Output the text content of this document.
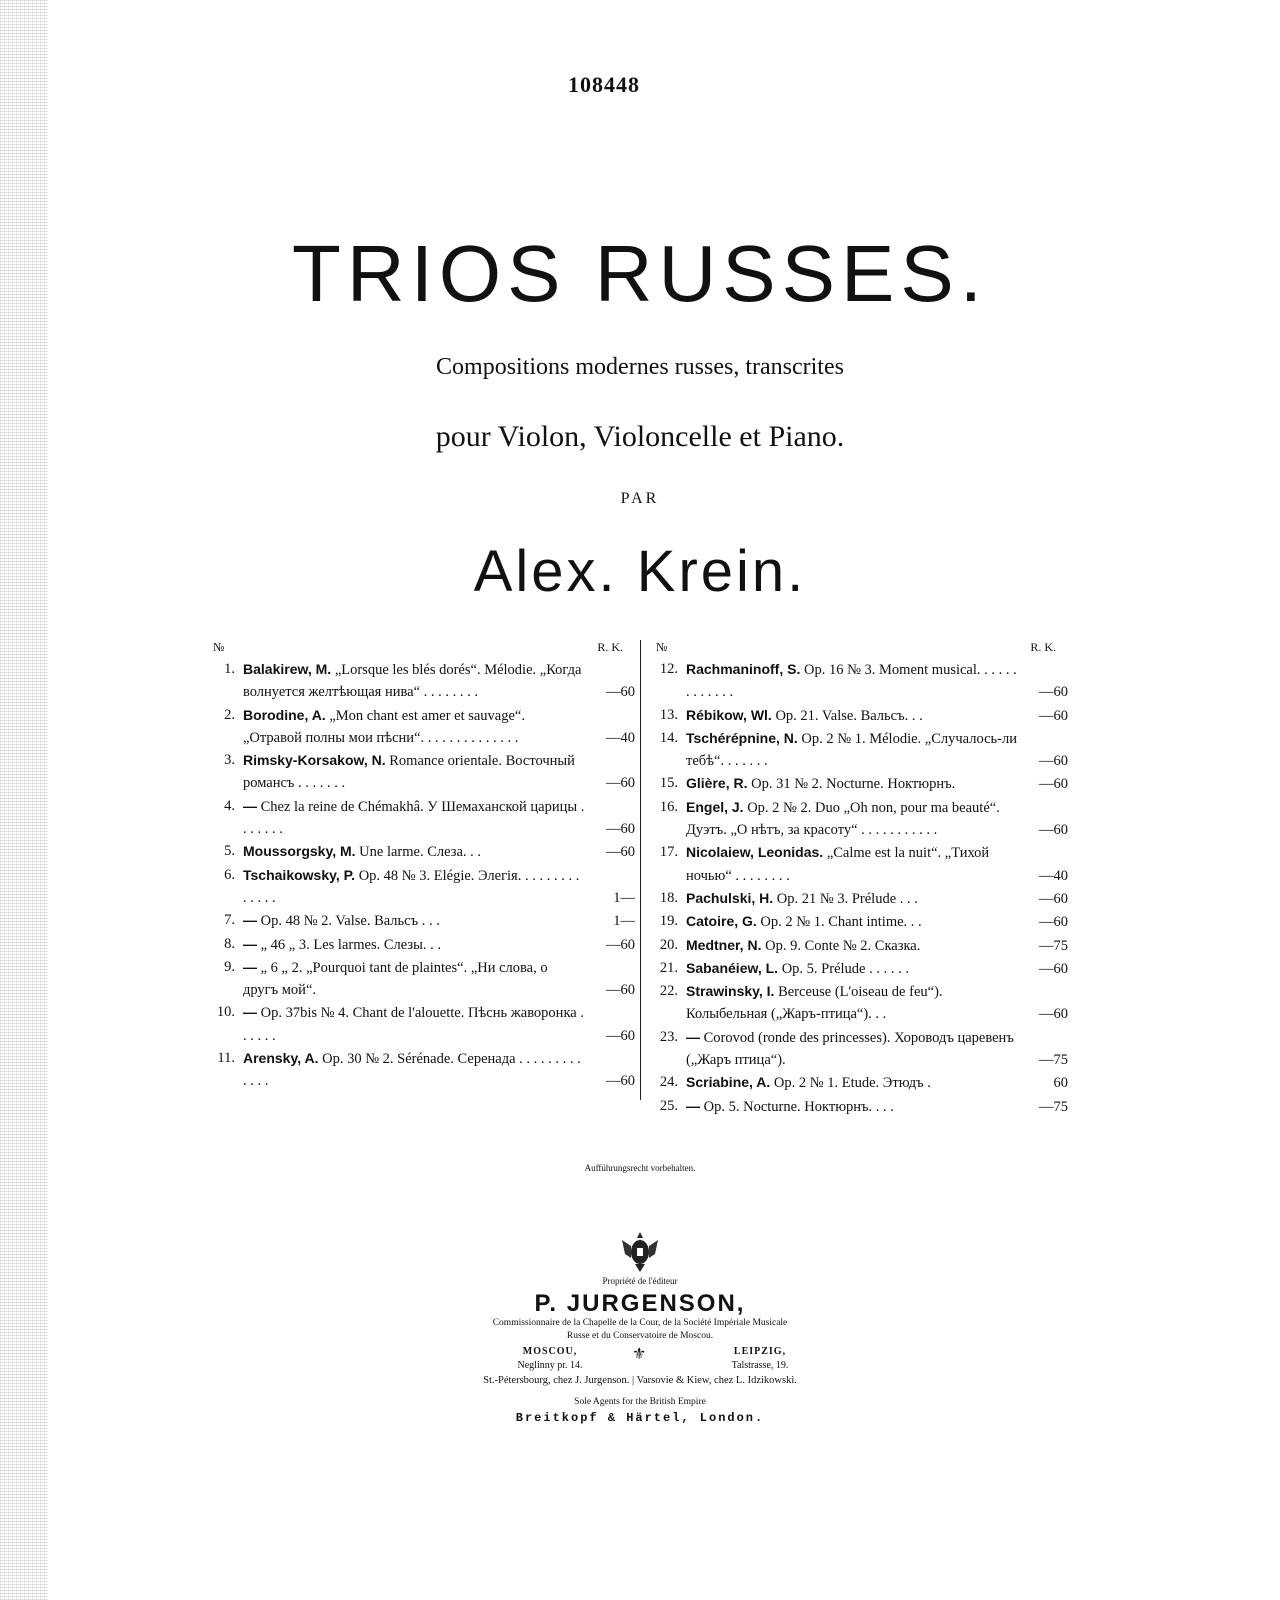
108448
TRIOS RUSSES.
Compositions modernes russes, transcrites
pour Violon, Violoncelle et Piano.
PAR
Alex. Krein.
№	R. K.
1. Balakirew, M. „Lorsque les blés dorés“. Mélodie. „Когда волнуется желтѣющая нива“ . . . . . . . .	—60
2. Borodine, A. „Mon chant est amer et sauvage“. „Отравой полны мои пѣсни“. . . . . . . . . . . . . .	—40
3. Rimsky-Korsakow, N. Romance orientale. Восточный романсъ . . . . . . .	—60
4. — Chez la reine de Chémakhâ. У Шемаханской царицы . . . . . . .	—60
5. Moussorgsky, M. Une larme. Слеза. . .	—60
6. Tschaikowsky, P. Op. 48 № 3. Elégie. Элегія. . . . . . . . . . . . . .	1—
7. — Op. 48 № 2. Valse. Вальсъ . . .	1—
8. — „ 46 „ 3. Les larmes. Слезы. . .	—60
9. — „ 6 „ 2. „Pourquoi tant de plaintes“. „Ни слова, о другъ мой“.	—60
10. — Op. 37bis № 4. Chant de l'alouette. Пѣснь жаворонка . . . . . .	—60
11. Arensky, A. Op. 30 № 2. Sérénade. Серенада . . . . . . . . . . . . .	—60
№	R. K.
12. Rachmaninoff, S. Op. 16 № 3. Moment musical. . . . . . . . . . . . .	—60
13. Rébikow, Wl. Op. 21. Valse. Вальсъ. . .	—60
14. Tschérépnine, N. Op. 2 № 1. Mélodie. „Случалось-ли тебѣ“. . . . . . .	—60
15. Glière, R. Op. 31 № 2. Nocturne. Ноктюрнъ.	—60
16. Engel, J. Op. 2 № 2. Duo „Oh non, pour ma beauté“. Дуэтъ. „О нѣтъ, за красоту“ . . . . . . . . . . .	—60
17. Nicolaiew, Leonidas. „Calme est la nuit“. „Тихой ночью“ . . . . . . . .	—40
18. Pachulski, H. Op. 21 № 3. Prélude . . .	—60
19. Catoire, G. Op. 2 № 1. Chant intime. . .	—60
20. Medtner, N. Op. 9. Conte № 2. Сказка.	—75
21. Sabanéiew, L. Op. 5. Prélude . . . . . .	—60
22. Strawinsky, I. Berceuse (L'oiseau de feu“). Колыбельная („Жаръ-птица“). . .	—60
23. — Corovod (ronde des princesses). Хороводъ царевенъ („Жаръ птица“).	—75
24. Scriabine, A. Op. 2 № 1. Etude. Этюдъ .	60
25. — Op. 5. Nocturne. Ноктюрнъ. . . .	—75
Aufführungsrecht vorbehalten.
Propriété de l'éditeur
P. JURGENSON,
Commissionnaire de la Chapelle de la Cour, de la Société Impériale Musicale
Russe et du Conservatoire de Moscou.
MOSCOU,	LEIPZIG,
⚜
Neglinny pr. 14.	Talstrasse, 19.
St.-Pétersbourg, chez J. Jurgenson. | Varsovie & Kiew, chez L. Idzikowski.
Sole Agents for the British Empire
Breitkopf & Härtel, London.
